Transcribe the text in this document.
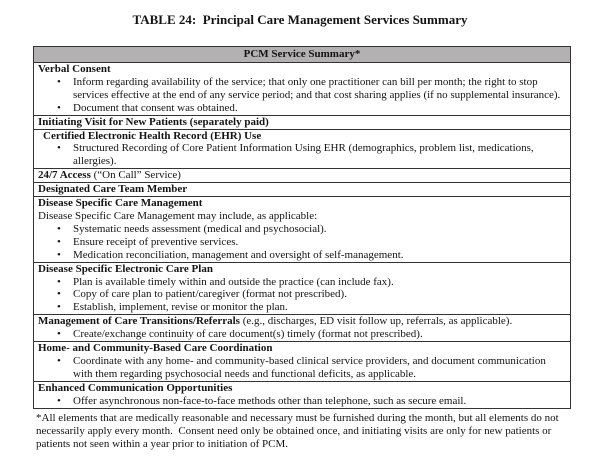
TABLE 24:  Principal Care Management Services Summary
PCM Service Summary*
Verbal Consent
• Inform regarding availability of the service; that only one practitioner can bill per month; the right to stop services effective at the end of any service period; and that cost sharing applies (if no supplemental insurance).
• Document that consent was obtained.
Initiating Visit for New Patients (separately paid)
Certified Electronic Health Record (EHR) Use
• Structured Recording of Core Patient Information Using EHR (demographics, problem list, medications, allergies).
24/7 Access (“On Call” Service)
Designated Care Team Member
Disease Specific Care Management
Disease Specific Care Management may include, as applicable:
• Systematic needs assessment (medical and psychosocial).
• Ensure receipt of preventive services.
• Medication reconciliation, management and oversight of self-management.
Disease Specific Electronic Care Plan
• Plan is available timely within and outside the practice (can include fax).
• Copy of care plan to patient/caregiver (format not prescribed).
• Establish, implement, revise or monitor the plan.
Management of Care Transitions/Referrals (e.g., discharges, ED visit follow up, referrals, as applicable).
• Create/exchange continuity of care document(s) timely (format not prescribed).
Home- and Community-Based Care Coordination
• Coordinate with any home- and community-based clinical service providers, and document communication with them regarding psychosocial needs and functional deficits, as applicable.
Enhanced Communication Opportunities
• Offer asynchronous non-face-to-face methods other than telephone, such as secure email.
*All elements that are medically reasonable and necessary must be furnished during the month, but all elements do not necessarily apply every month.  Consent need only be obtained once, and initiating visits are only for new patients or patients not seen within a year prior to initiation of PCM.
